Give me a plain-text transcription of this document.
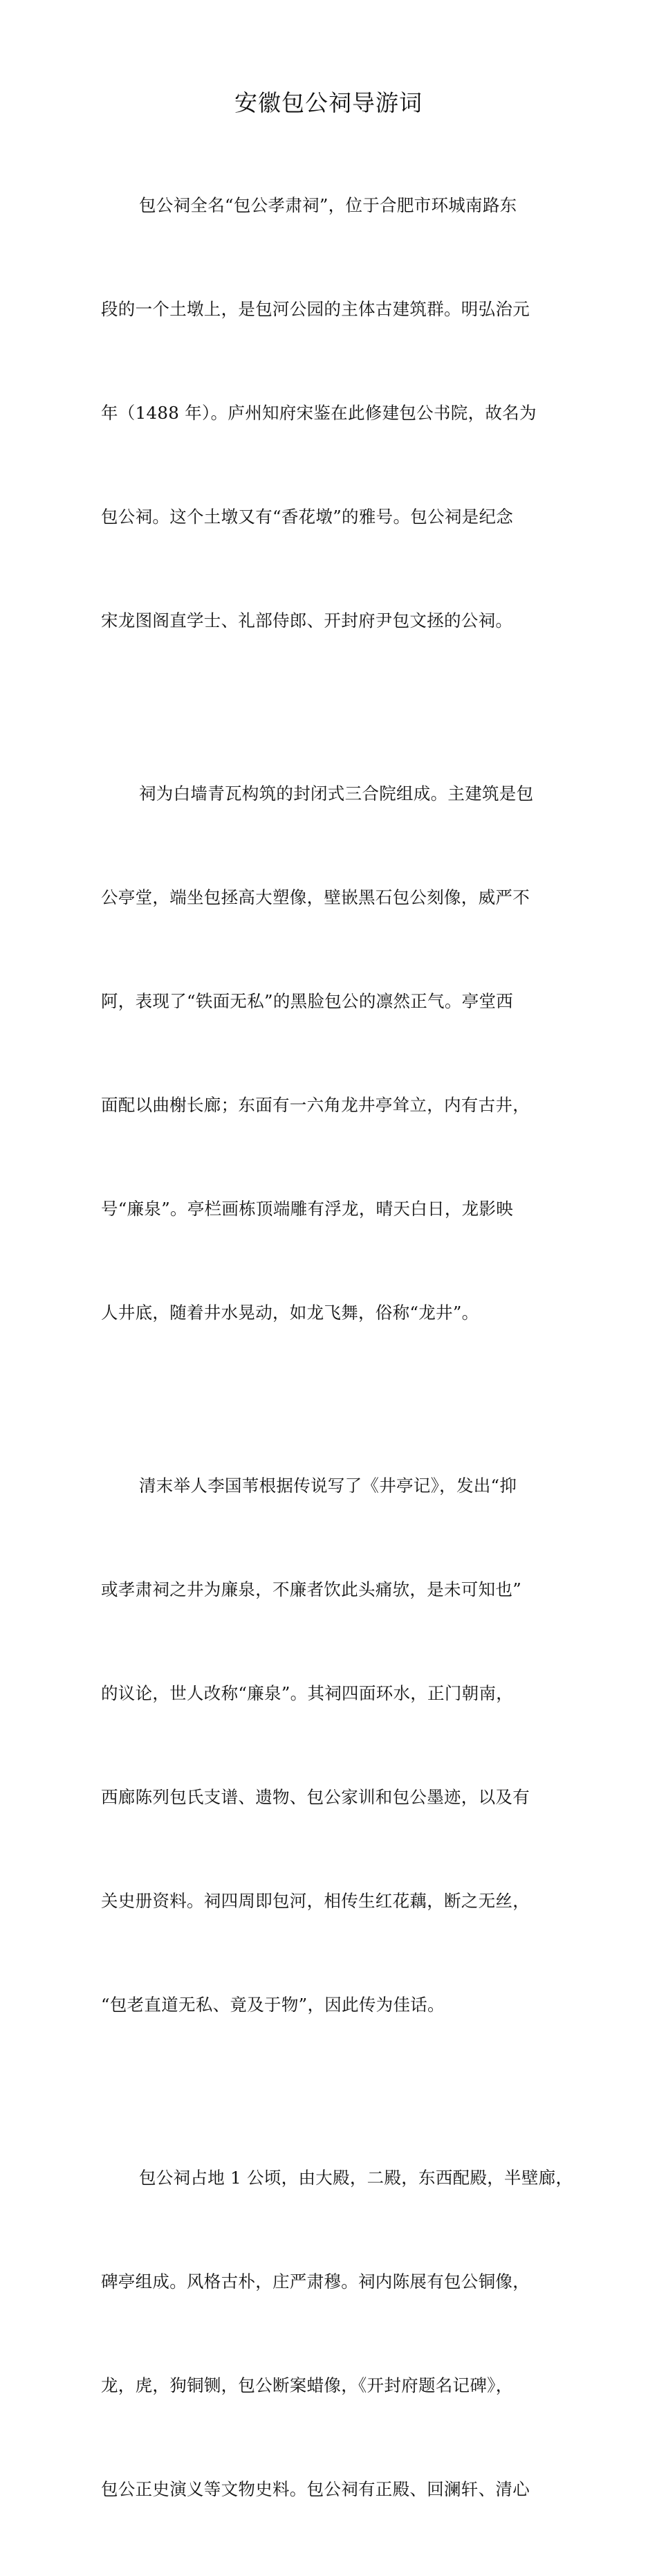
安徽包公祠导游词

包公祠全名“包公孝肃祠”，位于合肥市环城南路东

段的一个土墩上，是包河公园的主体古建筑群。明弘治元

年（1488 年）。庐州知府宋鉴在此修建包公书院，故名为

包公祠。这个土墩又有“香花墩”的雅号。包公祠是纪念

宋龙图阁直学士、礼部侍郎、开封府尹包文拯的公祠。

祠为白墙青瓦构筑的封闭式三合院组成。主建筑是包

公亭堂，端坐包拯高大塑像，壁嵌黑石包公刻像，威严不

阿，表现了“铁面无私”的黑脸包公的凛然正气。亭堂西

面配以曲榭长廊；东面有一六角龙井亭耸立，内有古井，

号“廉泉”。亭栏画栋顶端雕有浮龙，晴天白日，龙影映

人井底，随着井水晃动，如龙飞舞，俗称“龙井”。

清末举人李国苇根据传说写了《井亭记》，发出“抑

或孝肃祠之井为廉泉，不廉者饮此头痛欤，是未可知也”

的议论，世人改称“廉泉”。其祠四面环水，正门朝南，

西廊陈列包氏支谱、遗物、包公家训和包公墨迹，以及有

关史册资料。祠四周即包河，相传生红花藕，断之无丝，

“包老直道无私、竟及于物”，因此传为佳话。

包公祠占地 1 公顷，由大殿，二殿，东西配殿，半壁廊，

碑亭组成。风格古朴，庄严肃穆。祠内陈展有包公铜像，

龙，虎，狗铜铡，包公断案蜡像，《开封府题名记碑》，

包公正史演义等文物史料。包公祠有正殿、回澜轩、清心
